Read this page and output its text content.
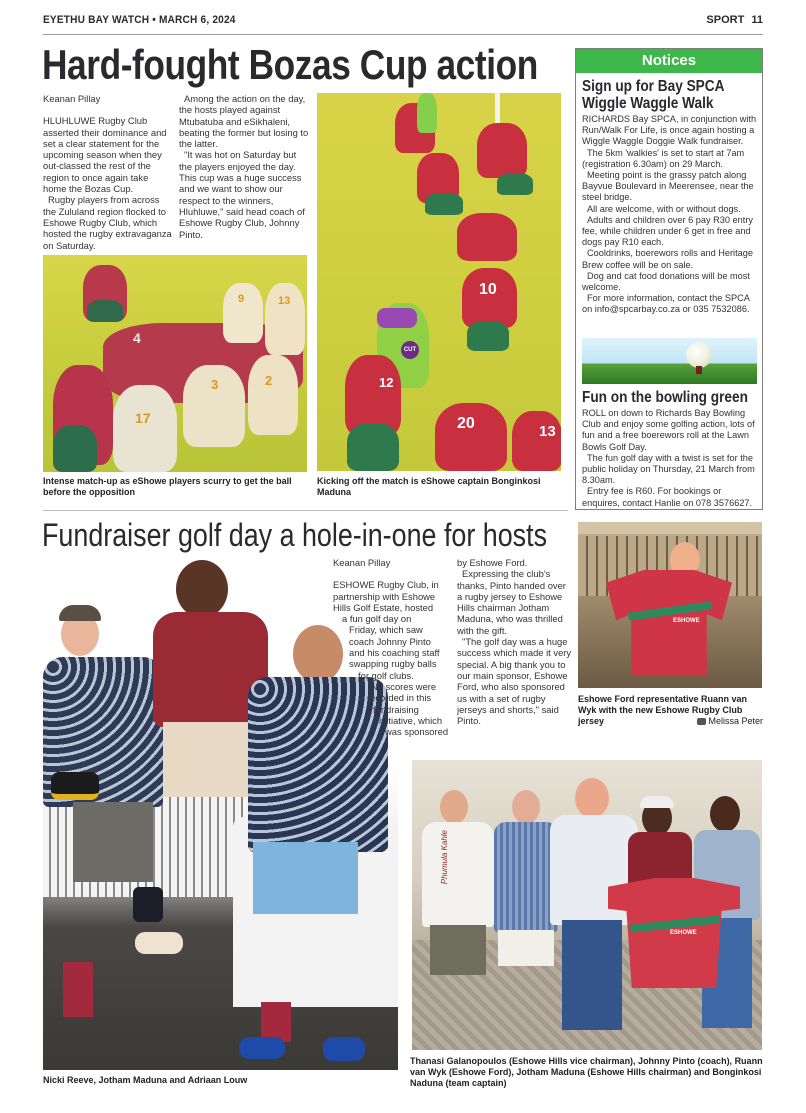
EYETHU BAY WATCH • MARCH 6, 2024	SPORT 11
Hard-fought Bozas Cup action
Keanan Pillay

HLUHLUWE Rugby Club asserted their dominance and set a clear statement for the upcoming season when they out-classed the rest of the region to once again take home the Bozas Cup.

Rugby players from across the Zululand region flocked to Eshowe Rugby Club, which hosted the rugby extravaganza on Saturday.

Among the action on the day, the hosts played against Mtubatuba and eSikhaleni, beating the former but losing to the latter.

"It was hot on Saturday but the players enjoyed the day. This cup was a huge success and we want to show our respect to the winners, Hluhluwe," said head coach of Eshowe Rugby Club, Johnny Pinto.

4
17
9	13
3	2
Intense match-up as eShowe players scurry to get the ball before the opposition
10
CUT
12
20	13
Kicking off the match is eShowe captain Bonginkosi Maduna
Notices
Sign up for Bay SPCA
Wiggle Waggle Walk

RICHARDS Bay SPCA, in conjunction with Run/Walk For Life, is once again hosting a Wiggle Waggle Doggie Walk fundraiser.

The 5km 'walkies' is set to start at 7am (registration 6.30am) on 29 March.

Meeting point is the grassy patch along Bayvue Boulevard in Meerensee, near the steel bridge.

All are welcome, with or without dogs.

Adults and children over 6 pay R30 entry fee, while children under 6 get in free and dogs pay R10 each.

Cooldrinks, boerewors rolls and Heritage Brew coffee will be on sale.

Dog and cat food donations will be most welcome.

For more information, contact the SPCA on info@spcarbay.co.za or 035 7532086.

Fun on the bowling green

ROLL on down to Richards Bay Bowling Club and enjoy some golfing action, lots of fun and a free boerewors roll at the Lawn Bowls Golf Day.

The fun golf day with a twist is set for the public holiday on Thursday, 21 March from 8.30am.

Entry fee is R60. For bookings or enquires, contact Hanlie on 078 3576627.

Fundraiser golf day a hole-in-one for hosts
Keanan Pillay
ESHOWE Rugby Club, in
partnership with Eshowe
Hills Golf Estate, hosted
a fun golf day on
Friday, which saw
coach Johnny Pinto
and his coaching staff
swapping rugby balls
for golf clubs.
No scores were
recorded in this
fundraising
initiative, which
was sponsored

by Eshowe Ford.

Expressing the club's thanks, Pinto handed over a rugby jersey to Eshowe Hills chairman Jotham Maduna, who was thrilled with the gift.

"The golf day was a huge success which made it very special. A big thank you to our main sponsor, Eshowe Ford, who also sponsored us with a set of rugby jerseys and shorts," said Pinto.

ESHOWE
Eshowe Ford representative Ruann van Wyk with the new Eshowe Rugby Club jersey	Melissa Peter
Phumula Kahle
ESHOWE
Thanasi Galanopoulos (Eshowe Hills vice chairman), Johnny Pinto (coach), Ruann van Wyk (Eshowe Ford), Jotham Maduna (Eshowe Hills chairman) and Bonginkosi Naduna (team captain)
Nicki Reeve, Jotham Maduna and Adriaan Louw
